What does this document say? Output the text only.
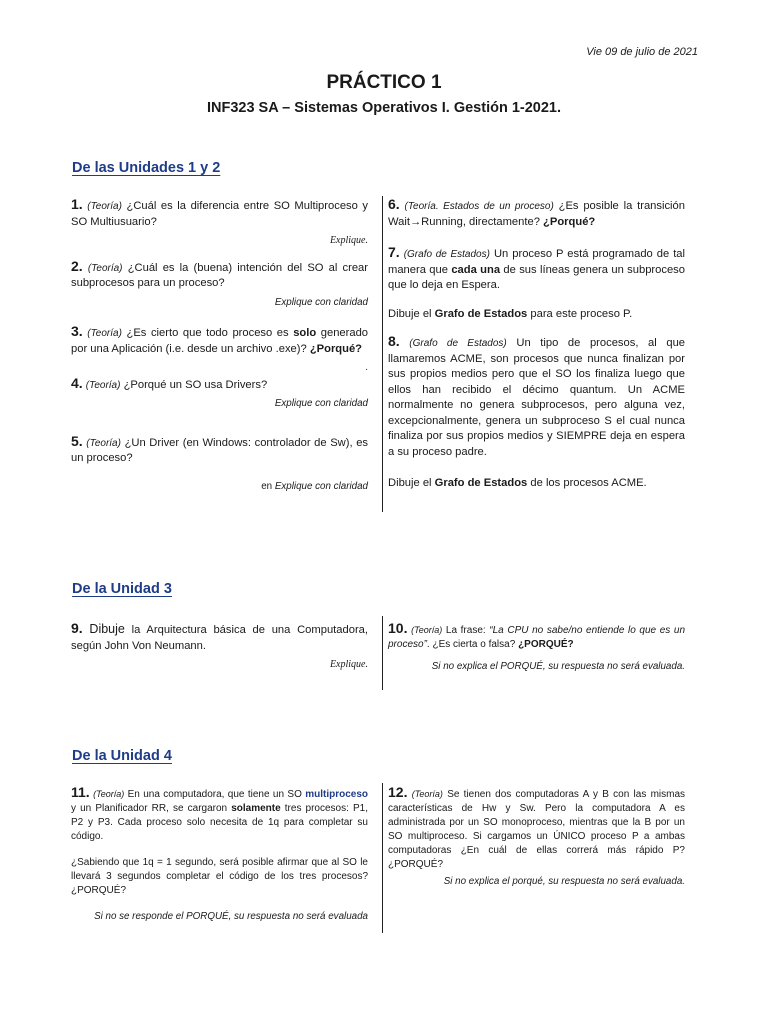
Vie 09 de julio de 2021
PRÁCTICO 1
INF323 SA – Sistemas Operativos I. Gestión 1-2021.
De las Unidades 1 y 2
1. (Teoría) ¿Cuál es la diferencia entre SO Multiproceso y SO Multiusuario?
Explique.
2. (Teoría) ¿Cuál es la (buena) intención del SO al crear subprocesos para un proceso?
Explique con claridad
3. (Teoría) ¿Es cierto que todo proceso es solo generado por una Aplicación (i.e. desde un archivo .exe)? ¿Porqué?
.
4. (Teoría) ¿Porqué un SO usa Drivers?
Explique con claridad
5. (Teoría) ¿Un Driver (en Windows: controlador de Sw), es un proceso?
en Explique con claridad
6. (Teoría. Estados de un proceso) ¿Es posible la transición Wait→Running, directamente? ¿Porqué?
7. (Grafo de Estados) Un proceso P está programado de tal manera que cada una de sus líneas genera un subproceso que lo deja en Espera.
Dibuje el Grafo de Estados para este proceso P.
8. (Grafo de Estados) Un tipo de procesos, al que llamaremos ACME, son procesos que nunca finalizan por sus propios medios pero que el SO los finaliza luego que ellos han recibido el décimo quantum. Un ACME normalmente no genera subprocesos, pero alguna vez, excepcionalmente, genera un subproceso S el cual nunca finaliza por sus propios medios y SIEMPRE deja en espera a su proceso padre.
Dibuje el Grafo de Estados de los procesos ACME.
De la Unidad 3
9. Dibuje la Arquitectura básica de una Computadora, según John Von Neumann.
Explique.
10. (Teoría) La frase: “La CPU no sabe/no entiende lo que es un proceso”. ¿Es cierta o falsa? ¿PORQUÉ?
Si no explica el PORQUÉ, su respuesta no será evaluada.
De la Unidad 4
11. (Teoría) En una computadora, que tiene un SO multiproceso y un Planificador RR, se cargaron solamente tres procesos: P1, P2 y P3. Cada proceso solo necesita de 1q para completar su código.
¿Sabiendo que 1q = 1 segundo, será posible afirmar que al SO le llevará 3 segundos completar el código de los tres procesos? ¿PORQUÉ?
Si no se responde el PORQUÉ, su respuesta no será evaluada
12. (Teoría) Se tienen dos computadoras A y B con las mismas características de Hw y Sw. Pero la computadora A es administrada por un SO monoproceso, mientras que la B por un SO multiproceso. Si cargamos un ÚNICO proceso P a ambas computadoras ¿En cuál de ellas correrá más rápido P? ¿PORQUÉ?
Si no explica el porqué, su respuesta no será evaluada.
